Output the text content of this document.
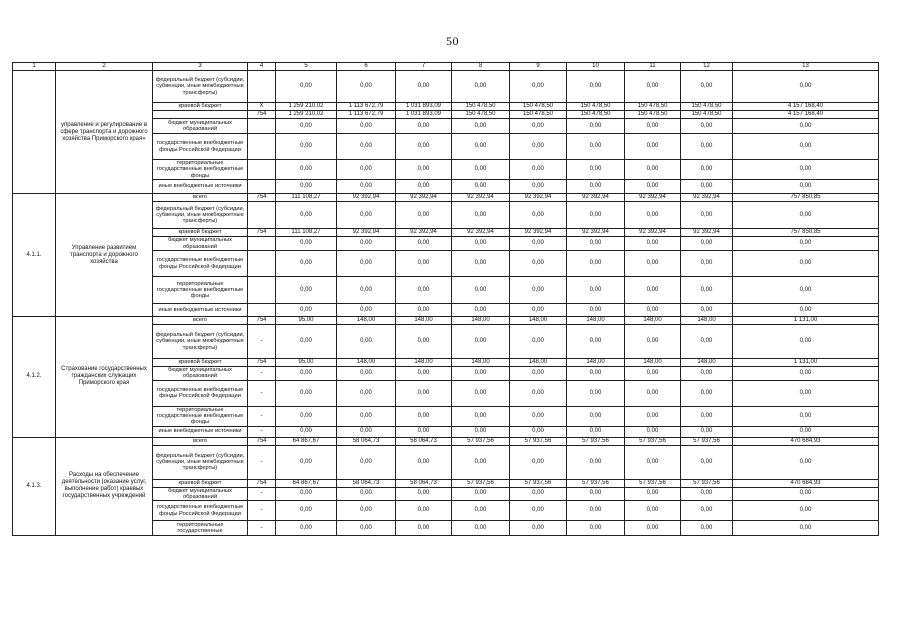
50
1	2	3	4	5	6	7	8	9	10	11	12	13
	управление и регулирование в сфере транспорта и дорожного хозяйства Приморского края»	федеральный бюджет (субсидии, субвенции, иные межбюджетные трансферты)		0,00	0,00	0,00	0,00	0,00	0,00	0,00	0,00	0,00
		краевой бюджет	X	1 259 210,02	1 113 672,79	1 031 893,09	150 478,50	150 478,50	150 478,50	150 478,50	150 478,50	4 157 168,40
			754	1 259 210,02	1 113 672,79	1 031 893,09	150 478,50	150 478,50	150 478,50	150 478,50	150 478,50	4 157 168,40
		бюджет муниципальных образований		0,00	0,00	0,00	0,00	0,00	0,00	0,00	0,00	0,00
		государственные внебюджетные фонды Российской Федерации		0,00	0,00	0,00	0,00	0,00	0,00	0,00	0,00	0,00
		территориальные государственные внебюджетные фонды		0,00	0,00	0,00	0,00	0,00	0,00	0,00	0,00	0,00
		иные внебюджетные источники		0,00	0,00	0,00	0,00	0,00	0,00	0,00	0,00	0,00
4.1.1.	Управление развитием транспорта и дорожного хозяйства	всего	754	111 108,27	92 392,94	92 392,94	92 392,94	92 392,94	92 392,94	92 392,94	92 392,94	757 850,85
		федеральный бюджет (субсидии, субвенции, иные межбюджетные трансферты)		0,00	0,00	0,00	0,00	0,00	0,00	0,00	0,00	0,00
		краевой бюджет	754	111 108,27	92 392,94	92 392,94	92 392,94	92 392,94	92 392,94	92 392,94	92 392,94	757 850,85
		бюджет муниципальных образований		0,00	0,00	0,00	0,00	0,00	0,00	0,00	0,00	0,00
		государственные внебюджетные фонды Российской Федерации		0,00	0,00	0,00	0,00	0,00	0,00	0,00	0,00	0,00
		территориальные государственные внебюджетные фонды		0,00	0,00	0,00	0,00	0,00	0,00	0,00	0,00	0,00
		иные внебюджетные источники		0,00	0,00	0,00	0,00	0,00	0,00	0,00	0,00	0,00
4.1.2.	Страхование государственных гражданских служащих Приморского края	всего	754	95,00	148,00	148,00	148,00	148,00	148,00	148,00	148,00	1 131,00
		федеральный бюджет (субсидии, субвенции, иные межбюджетные трансферты)	-	0,00	0,00	0,00	0,00	0,00	0,00	0,00	0,00	0,00
		краевой бюджет	754	95,00	148,00	148,00	148,00	148,00	148,00	148,00	148,00	1 131,00
		бюджет муниципальных образований	-	0,00	0,00	0,00	0,00	0,00	0,00	0,00	0,00	0,00
		государственные внебюджетные фонды Российской Федерации	-	0,00	0,00	0,00	0,00	0,00	0,00	0,00	0,00	0,00
		территориальные государственные внебюджетные фонды	-	0,00	0,00	0,00	0,00	0,00	0,00	0,00	0,00	0,00
		иные внебюджетные источники	-	0,00	0,00	0,00	0,00	0,00	0,00	0,00	0,00	0,00
4.1.3.	Расходы на обеспечение деятельности (оказание услуг, выполнение работ) краевых государственных учреждений	всего	754	64 867,67	58 064,73	58 064,73	57 937,56	57 937,56	57 937,56	57 937,56	57 937,56	470 684,93
		федеральный бюджет (субсидии, субвенции, иные межбюджетные трансферты)	-	0,00	0,00	0,00	0,00	0,00	0,00	0,00	0,00	0,00
		краевой бюджет	754	64 867,67	58 064,73	58 064,73	57 937,56	57 937,56	57 937,56	57 937,56	57 937,56	470 684,93
		бюджет муниципальных образований	-	0,00	0,00	0,00	0,00	0,00	0,00	0,00	0,00	0,00
		государственные внебюджетные фонды Российской Федерации	-	0,00	0,00	0,00	0,00	0,00	0,00	0,00	0,00	0,00
		территориальные государственные	-	0,00	0,00	0,00	0,00	0,00	0,00	0,00	0,00	0,00
